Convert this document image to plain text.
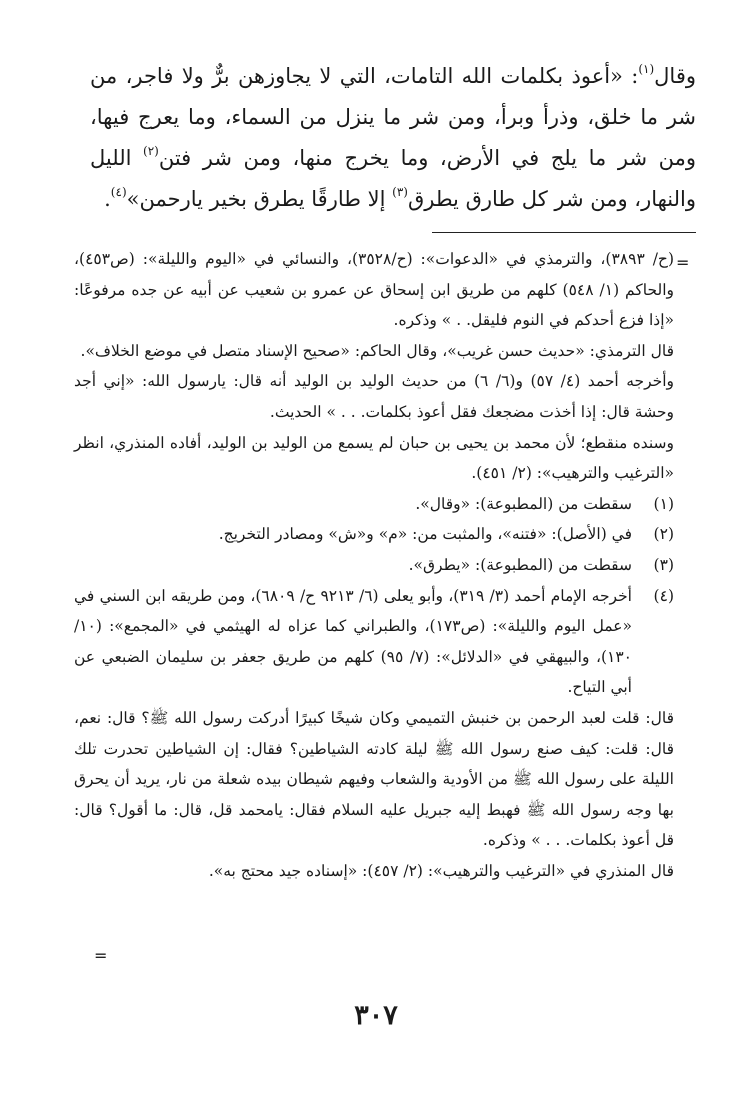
وقال$^{(١)}$: «أعوذ بكلمات الله التامات، التي لا يجاوزهن برٌّ ولا فاجر، من شر ما خلق، وذرأ وبرأ، ومن شر ما ينزل من السماء، وما يعرج فيها، ومن شر ما يلج في الأرض، وما يخرج منها، ومن شر فتن$^{(٢)}$ الليل والنهار، ومن شر كل طارق يطرق$^{(٣)}$ إلا طارقًا يطرق بخير يارحمن»$^{(٤)}$.

=

(ح/ ٣٨٩٣)، والترمذي في «الدعوات»: (ح/٣٥٢٨)، والنسائي في «اليوم والليلة»: (ص٤٥٣)، والحاكم (١/ ٥٤٨) كلهم من طريق ابن إسحاق عن عمرو بن شعيب عن أبيه عن جده مرفوعًا: «إذا فزع أحدكم في النوم فليقل. . » وذكره.

قال الترمذي: «حديث حسن غريب»، وقال الحاكم: «صحيح الإسناد متصل في موضع الخلاف».

وأخرجه أحمد (٤/ ٥٧) و(٦/ ٦) من حديث الوليد بن الوليد أنه قال: يارسول الله: «إني أجد وحشة قال: إذا أخذت مضجعك فقل أعوذ بكلمات. . . » الحديث.

وسنده منقطع؛ لأن محمد بن يحيى بن حبان لم يسمع من الوليد بن الوليد، أفاده المنذري، انظر «الترغيب والترهيب»: (٢/ ٤٥١).

(١)
سقطت من (المطبوعة): «وقال».
(٢)
في (الأصل): «فتنه»، والمثبت من: «م» و«ش» ومصادر التخريج.
(٣)
سقطت من (المطبوعة): «يطرق».
(٤)
أخرجه الإمام أحمد (٣/ ٣١٩)، وأبو يعلى (٦/ ٩٢١٣ ح/ ٦٨٠٩)، ومن طريقه ابن السني في «عمل اليوم والليلة»: (ص١٧٣)، والطبراني كما عزاه له الهيثمي في «المجمع»: (١٠/ ١٣٠)، والبيهقي في «الدلائل»: (٧/ ٩٥) كلهم من طريق جعفر بن سليمان الضبعي عن أبي التياح.

قال: قلت لعبد الرحمن بن خنبش التميمي وكان شيخًا كبيرًا أدركت رسول الله ﷺ؟ قال: نعم، قال: قلت: كيف صنع رسول الله ﷺ ليلة كادته الشياطين؟ فقال: إن الشياطين تحدرت تلك الليلة على رسول الله ﷺ من الأودية والشعاب وفيهم شيطان بيده شعلة من نار، يريد أن يحرق بها وجه رسول الله ﷺ فهبط إليه جبريل عليه السلام فقال: يامحمد قل، قال: ما أقول؟ قال: قل أعوذ بكلمات. . . » وذكره.

قال المنذري في «الترغيب والترهيب»: (٢/ ٤٥٧): «إسناده جيد محتج به».

=
٣٠٧
